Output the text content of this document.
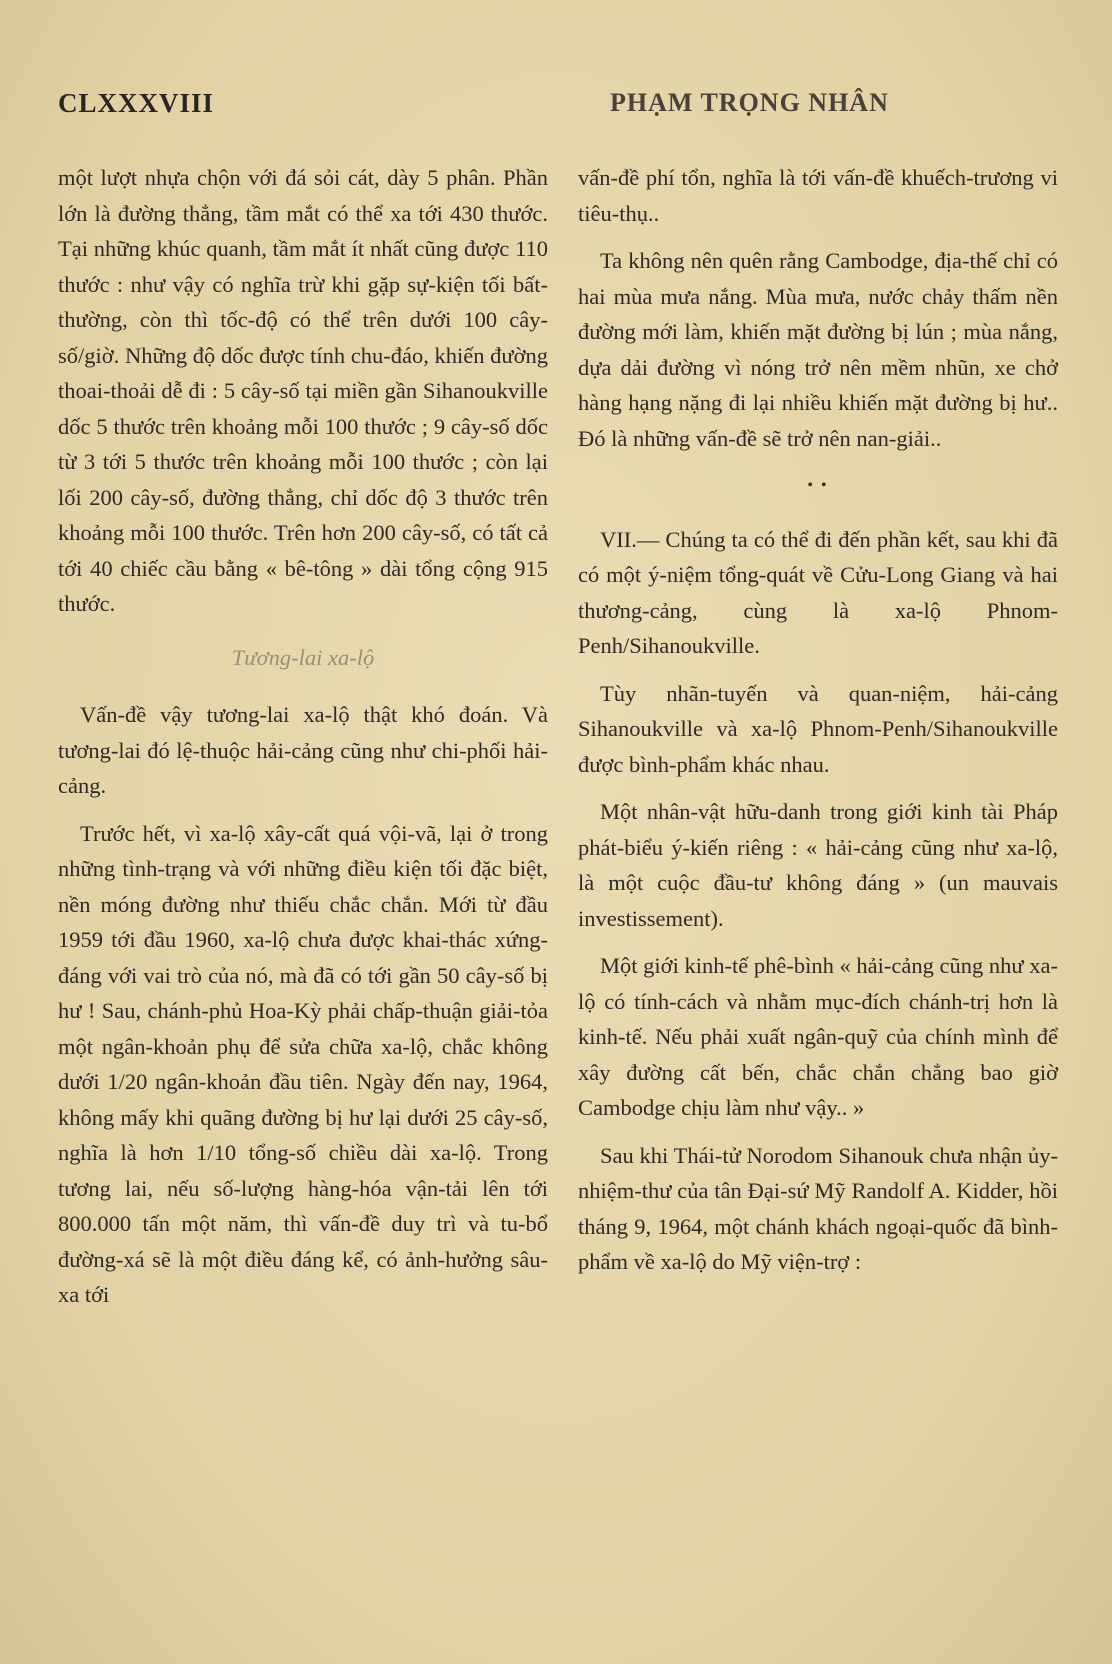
CLXXXVIII	PHẠM TRỌNG NHÂN

một lượt nhựa chộn với đá sỏi cát, dày 5 phân. Phần lớn là đường thẳng, tầm mắt có thể xa tới 430 thước. Tại những khúc quanh, tầm mắt ít nhất cũng được 110 thước : như vậy có nghĩa trừ khi gặp sự-kiện tối bất-thường, còn thì tốc-độ có thể trên dưới 100 cây-số/giờ. Những độ dốc được tính chu-đáo, khiến đường thoai-thoải dễ đi : 5 cây-số tại miền gần Sihanoukville dốc 5 thước trên khoảng mỗi 100 thước ; 9 cây-số dốc từ 3 tới 5 thước trên khoảng mỗi 100 thước ; còn lại lối 200 cây-số, đường thẳng, chỉ dốc độ 3 thước trên khoảng mỗi 100 thước. Trên hơn 200 cây-số, có tất cả tới 40 chiếc cầu bằng « bê-tông » dài tổng cộng 915 thước.

Tương-lai xa-lộ

Vấn-đề vậy tương-lai xa-lộ thật khó đoán. Và tương-lai đó lệ-thuộc hải-cảng cũng như chi-phối hải-cảng.

Trước hết, vì xa-lộ xây-cất quá vội-vã, lại ở trong những tình-trạng và với những điều kiện tối đặc biệt, nền móng đường như thiếu chắc chắn. Mới từ đầu 1959 tới đầu 1960, xa-lộ chưa được khai-thác xứng-đáng với vai trò của nó, mà đã có tới gần 50 cây-số bị hư ! Sau, chánh-phủ Hoa-Kỳ phải chấp-thuận giải-tỏa một ngân-khoản phụ để sửa chữa xa-lộ, chắc không dưới 1/20 ngân-khoản đầu tiên. Ngày đến nay, 1964, không mấy khi quãng đường bị hư lại dưới 25 cây-số, nghĩa là hơn 1/10 tổng-số chiều dài xa-lộ. Trong tương lai, nếu số-lượng hàng-hóa vận-tải lên tới 800.000 tấn một năm, thì vấn-đề duy trì và tu-bổ đường-xá sẽ là một điều đáng kể, có ảnh-hưởng sâu-xa tới

vấn-đề phí tổn, nghĩa là tới vấn-đề khuếch-trương vi tiêu-thụ..

Ta không nên quên rằng Cambodge, địa-thế chỉ có hai mùa mưa nắng. Mùa mưa, nước chảy thấm nền đường mới làm, khiến mặt đường bị lún ; mùa nắng, dựa dải đường vì nóng trở nên mềm nhũn, xe chở hàng hạng nặng đi lại nhiều khiến mặt đường bị hư.. Đó là những vấn-đề sẽ trở nên nan-giải..

• •

VII.— Chúng ta có thể đi đến phần kết, sau khi đã có một ý-niệm tổng-quát về Cửu-Long Giang và hai thương-cảng, cùng là xa-lộ Phnom-Penh/Sihanoukville.

Tùy nhãn-tuyến và quan-niệm, hải-cảng Sihanoukville và xa-lộ Phnom-Penh/Sihanoukville được bình-phẩm khác nhau.

Một nhân-vật hữu-danh trong giới kinh tài Pháp phát-biểu ý-kiến riêng : « hải-cảng cũng như xa-lộ, là một cuộc đầu-tư không đáng » (un mauvais investissement).

Một giới kinh-tế phê-bình « hải-cảng cũng như xa-lộ có tính-cách và nhằm mục-đích chánh-trị hơn là kinh-tế. Nếu phải xuất ngân-quỹ của chính mình để xây đường cất bến, chắc chắn chẳng bao giờ Cambodge chịu làm như vậy.. »

Sau khi Thái-tử Norodom Sihanouk chưa nhận ủy-nhiệm-thư của tân Đại-sứ Mỹ Randolf A. Kidder, hồi tháng 9, 1964, một chánh khách ngoại-quốc đã bình-phẩm về xa-lộ do Mỹ viện-trợ :
